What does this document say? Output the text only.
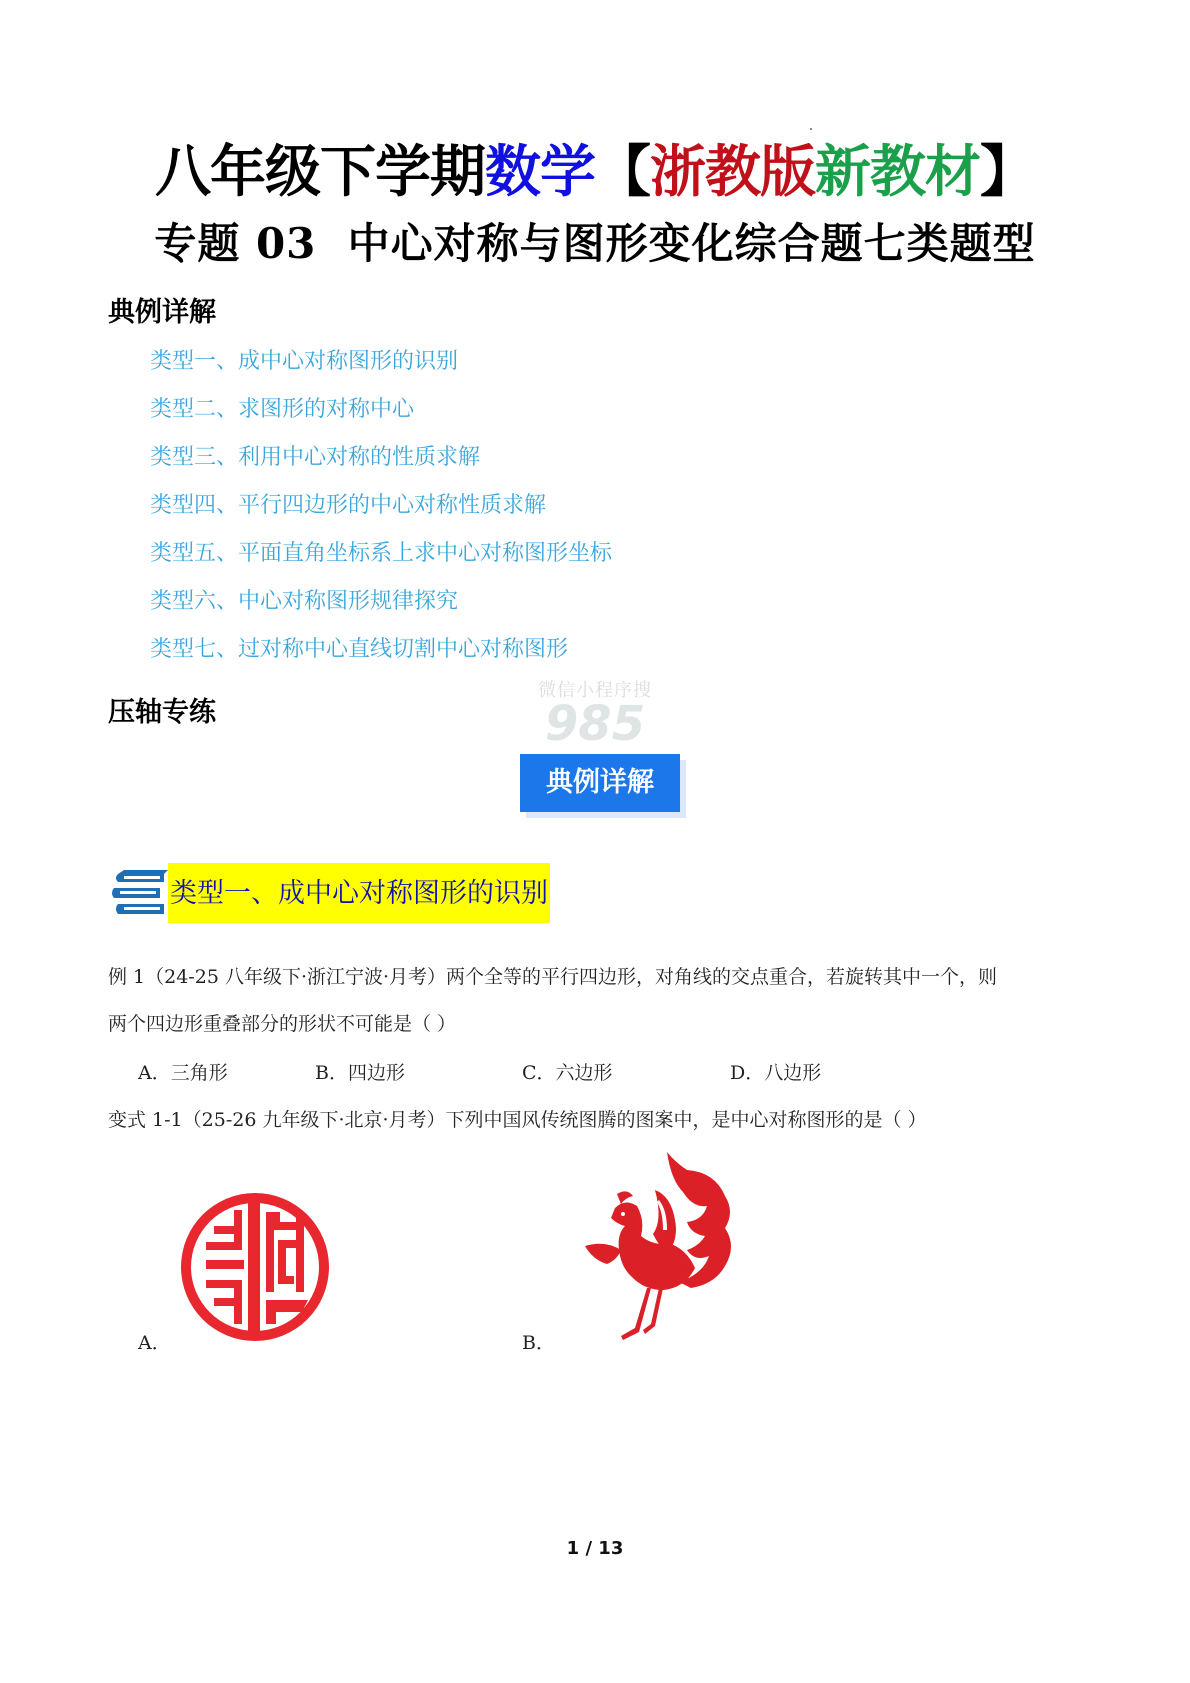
八年级下学期数学【浙教版新教材】
专题 03 中心对称与图形变化综合题七类题型
典例详解
类型一、成中心对称图形的识别
类型二、求图形的对称中心
类型三、利用中心对称的性质求解
类型四、平行四边形的中心对称性质求解
类型五、平面直角坐标系上求中心对称图形坐标
类型六、中心对称图形规律探究
类型七、过对称中心直线切割中心对称图形
压轴专练
微信小程序搜
985
典例详解
类型一、成中心对称图形的识别
例 1（24-25 八年级下·浙江宁波·月考）两个全等的平行四边形，对角线的交点重合，若旋转其中一个，则
两个四边形重叠部分的形状不可能是（ ）
A．三角形	B．四边形	C．六边形	D．八边形
变式 1-1（25-26 九年级下·北京·月考）下列中国风传统图腾的图案中，是中心对称图形的是（ ）
A．	B．
1 / 13
